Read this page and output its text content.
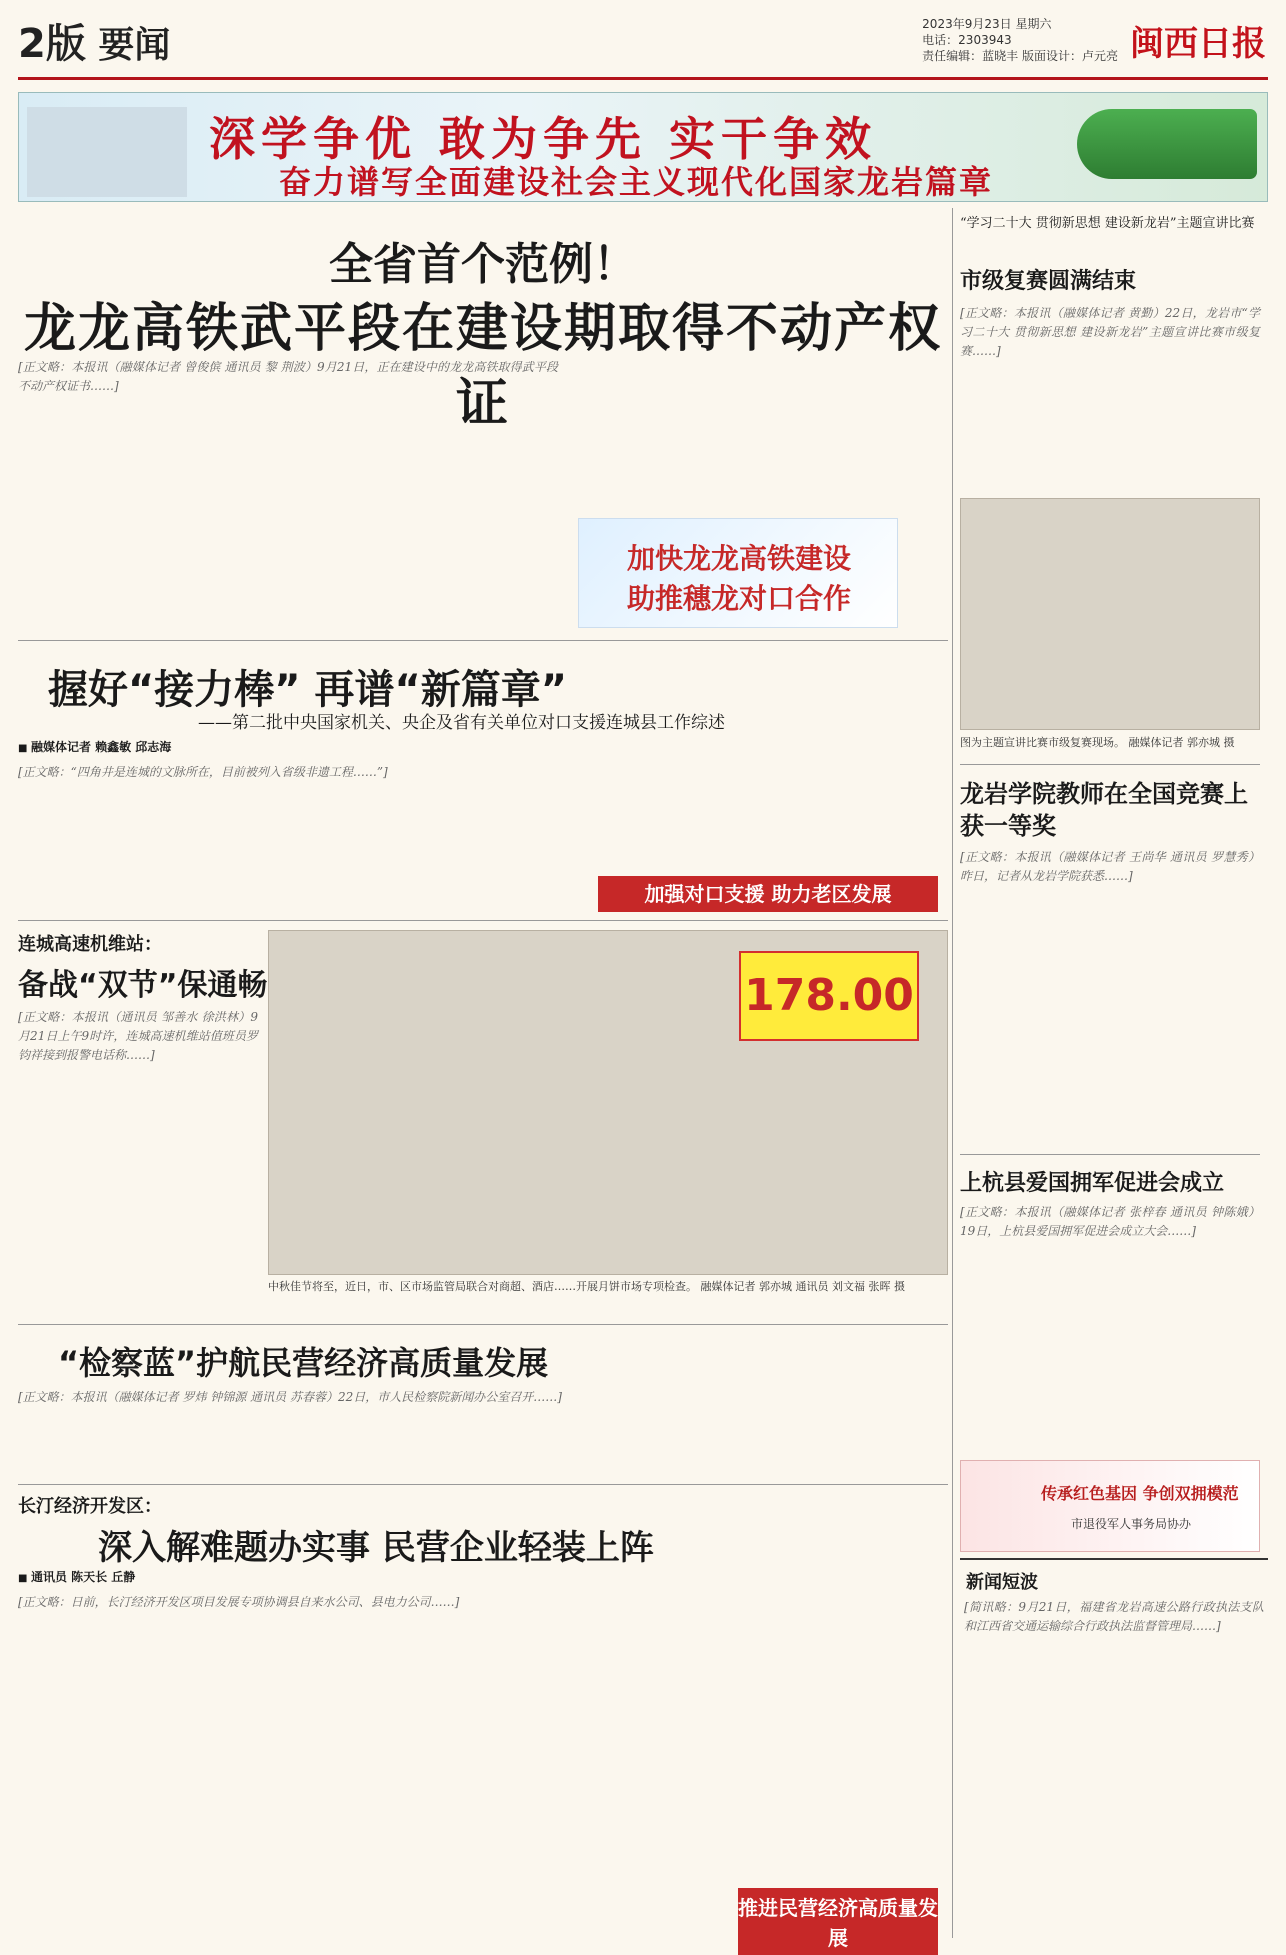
2版 要闻
2023年9月23日 星期六
电话：2303943
责任编辑：蓝晓丰 版面设计：卢元亮 闽西日报
深学争优 敢为争先 实干争效
奋力谱写全面建设社会主义现代化国家龙岩篇章
全省首个范例！
龙龙高铁武平段在建设期取得不动产权证
[正文略：本报讯（融媒体记者 曾俊傧 通讯员 黎 荆波）9月21日，正在建设中的龙龙高铁取得武平段不动产权证书……]
加快龙龙高铁建设
助推穗龙对口合作
握好“接力棒” 再谱“新篇章”
——第二批中央国家机关、央企及省有关单位对口支援连城县工作综述
■ 融媒体记者 赖鑫敏 邱志海
[正文略：“四角井是连城的文脉所在，目前被列入省级非遗工程……”]
加强对口支援 助力老区发展
连城高速机维站：
备战“双节”保通畅
[正文略：本报讯（通讯员 邹善水 徐洪林）9月21日上午9时许，连城高速机维站值班员罗钧祥接到报警电话称……]
178.00
中秋佳节将至，近日，市、区市场监管局联合对商超、酒店……开展月饼市场专项检查。 融媒体记者 郭亦城 通讯员 刘文福 张晖 摄
“检察蓝”护航民营经济高质量发展
[正文略：本报讯（融媒体记者 罗炜 钟锦源 通讯员 苏春蓉）22日，市人民检察院新闻办公室召开……]
长汀经济开发区：
深入解难题办实事 民营企业轻装上阵
■ 通讯员 陈天长 丘静
[正文略：日前，长汀经济开发区项目发展专项协调县自来水公司、县电力公司……]
推进民营经济高质量发展
“学习二十大 贯彻新思想 建设新龙岩”主题宣讲比赛
市级复赛圆满结束
[正文略：本报讯（融媒体记者 黄勤）22日，龙岩市“学习二十大 贯彻新思想 建设新龙岩”主题宣讲比赛市级复赛……]
图为主题宣讲比赛市级复赛现场。 融媒体记者 郭亦城 摄
龙岩学院教师在全国竞赛上获一等奖
[正文略：本报讯（融媒体记者 王尚华 通讯员 罗慧秀）昨日，记者从龙岩学院获悉……]
上杭县爱国拥军促进会成立
[正文略：本报讯（融媒体记者 张梓春 通讯员 钟陈娥）19日，上杭县爱国拥军促进会成立大会……]
传承红色基因 争创双拥模范
市退役军人事务局协办
新闻短波
[简讯略：9月21日，福建省龙岩高速公路行政执法支队和江西省交通运输综合行政执法监督管理局……]
